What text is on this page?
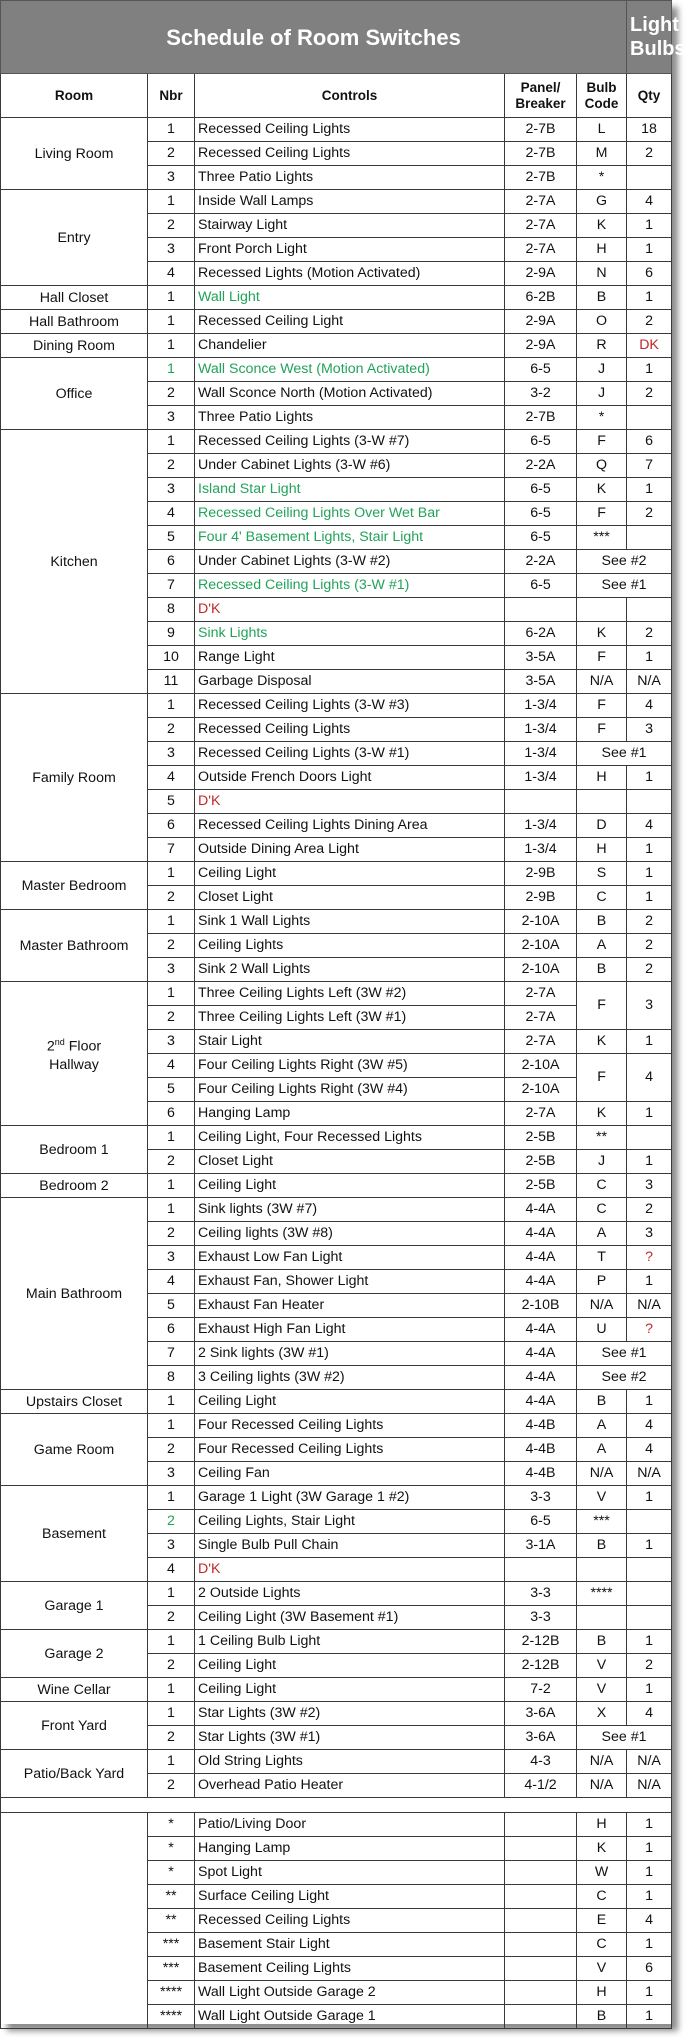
Schedule of Room Switches					Light Bulbs
Room	Nbr	Controls	Panel/ Breaker	Bulb Code	Qty
Living Room	1	Recessed Ceiling Lights	2-7B	L	18
	2	Recessed Ceiling Lights	2-7B	M	2
	3	Three Patio Lights	2-7B	*	
Entry	1	Inside Wall Lamps	2-7A	G	4
	2	Stairway Light	2-7A	K	1
	3	Front Porch Light	2-7A	H	1
	4	Recessed Lights (Motion Activated)	2-9A	N	6
Hall Closet	1	Wall Light	6-2B	B	1
Hall Bathroom	1	Recessed Ceiling Light	2-9A	O	2
Dining Room	1	Chandelier	2-9A	R	DK
Office	1	Wall Sconce West (Motion Activated)	6-5	J	1
	2	Wall Sconce North (Motion Activated)	3-2	J	2
	3	Three Patio Lights	2-7B	*	
Kitchen	1	Recessed Ceiling Lights (3-W #7)	6-5	F	6
	2	Under Cabinet Lights (3-W #6)	2-2A	Q	7
	3	Island Star Light	6-5	K	1
	4	Recessed Ceiling Lights Over Wet Bar	6-5	F	2
	5	Four 4' Basement Lights, Stair Light	6-5	***	
	6	Under Cabinet Lights (3-W #2)	2-2A	See #2	
	7	Recessed Ceiling Lights (3-W #1)	6-5	See #1	
	8	D'K			
	9	Sink Lights	6-2A	K	2
	10	Range Light	3-5A	F	1
	11	Garbage Disposal	3-5A	N/A	N/A
Family Room	1	Recessed Ceiling Lights (3-W #3)	1-3/4	F	4
	2	Recessed Ceiling Lights	1-3/4	F	3
	3	Recessed Ceiling Lights (3-W #1)	1-3/4	See #1	
	4	Outside French Doors Light	1-3/4	H	1
	5	D'K			
	6	Recessed Ceiling Lights Dining Area	1-3/4	D	4
	7	Outside Dining Area Light	1-3/4	H	1
Master Bedroom	1	Ceiling Light	2-9B	S	1
	2	Closet Light	2-9B	C	1
Master Bathroom	1	Sink 1 Wall Lights	2-10A	B	2
	2	Ceiling Lights	2-10A	A	2
	3	Sink 2 Wall Lights	2-10A	B	2
2nd Floor
Hallway	1	Three Ceiling Lights Left (3W #2)	2-7A	F	3
	2	Three Ceiling Lights Left (3W #1)	2-7A		
	3	Stair Light	2-7A	K	1
	4	Four Ceiling Lights Right (3W #5)	2-10A	F	4
	5	Four Ceiling Lights Right (3W #4)	2-10A		
	6	Hanging Lamp	2-7A	K	1
Bedroom 1	1	Ceiling Light, Four Recessed Lights	2-5B	**	
	2	Closet Light	2-5B	J	1
Bedroom 2	1	Ceiling Light	2-5B	C	3
Main Bathroom	1	Sink lights (3W #7)	4-4A	C	2
	2	Ceiling lights (3W #8)	4-4A	A	3
	3	Exhaust Low Fan Light	4-4A	T	?
	4	Exhaust Fan, Shower Light	4-4A	P	1
	5	Exhaust Fan Heater	2-10B	N/A	N/A
	6	Exhaust High Fan Light	4-4A	U	?
	7	2 Sink lights (3W #1)	4-4A	See #1	
	8	3 Ceiling lights (3W #2)	4-4A	See #2	
Upstairs Closet	1	Ceiling Light	4-4A	B	1
Game Room	1	Four Recessed Ceiling Lights	4-4B	A	4
	2	Four Recessed Ceiling Lights	4-4B	A	4
	3	Ceiling Fan	4-4B	N/A	N/A
Basement	1	Garage 1 Light (3W Garage 1 #2)	3-3	V	1
	2	Ceiling Lights, Stair Light	6-5	***	
	3	Single Bulb Pull Chain	3-1A	B	1
	4	D'K			
Garage 1	1	2 Outside Lights	3-3	****	
	2	Ceiling Light (3W Basement #1)	3-3		
Garage 2	1	1 Ceiling Bulb Light	2-12B	B	1
	2	Ceiling Light	2-12B	V	2
Wine Cellar	1	Ceiling Light	7-2	V	1
Front Yard	1	Star Lights (3W #2)	3-6A	X	4
	2	Star Lights (3W #1)	3-6A	See #1	
Patio/Back Yard	1	Old String Lights	4-3	N/A	N/A
	2	Overhead Patio Heater	4-1/2	N/A	N/A

	*	Patio/Living Door		H	1
	*	Hanging Lamp		K	1
	*	Spot Light		W	1
	**	Surface Ceiling Light		C	1
	**	Recessed Ceiling Lights		E	4
	***	Basement Stair Light		C	1
	***	Basement Ceiling Lights		V	6
	****	Wall Light Outside Garage 2		H	1
	****	Wall Light Outside Garage 1		B	1
